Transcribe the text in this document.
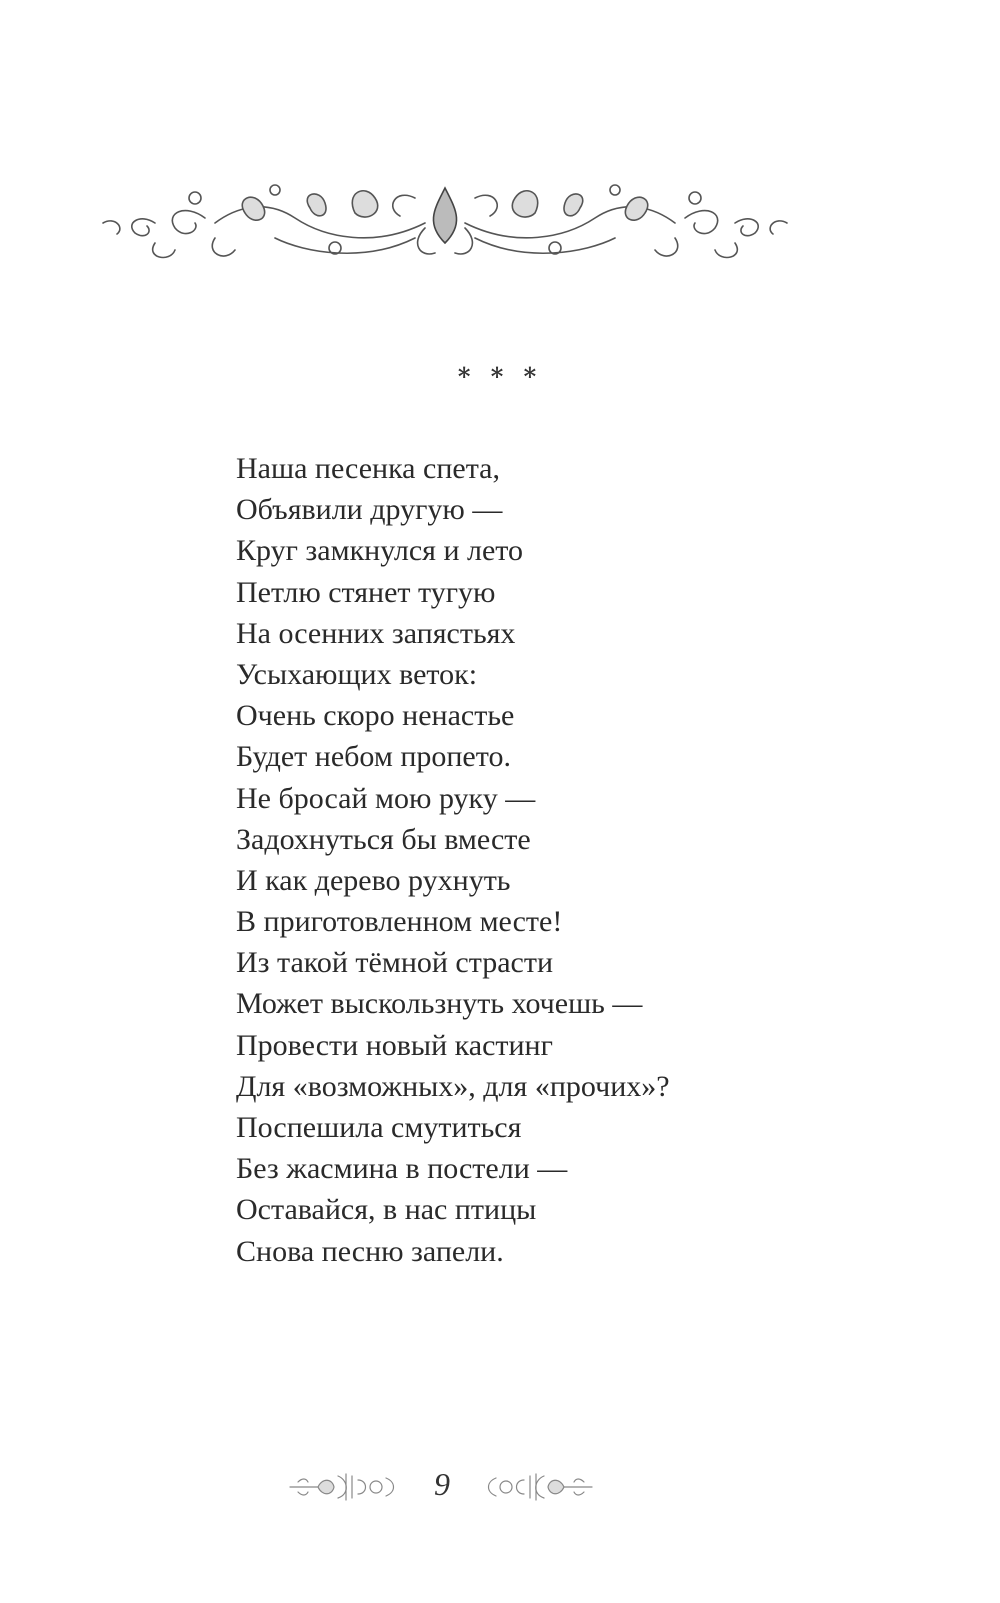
* * *
Наша песенка спета,
Объявили другую —
Круг замкнулся и лето
Петлю стянет тугую
На осенних запястьях
Усыхающих веток:
Очень скоро ненастье
Будет небом пропето.
Не бросай мою руку —
Задохнуться бы вместе
И как дерево рухнуть
В приготовленном месте!
Из такой тёмной страсти
Может выскользнуть хочешь —
Провести новый кастинг
Для «возможных», для «прочих»?
Поспешила смутиться
Без жасмина в постели —
Оставайся, в нас птицы
Снова песню запели.
9
